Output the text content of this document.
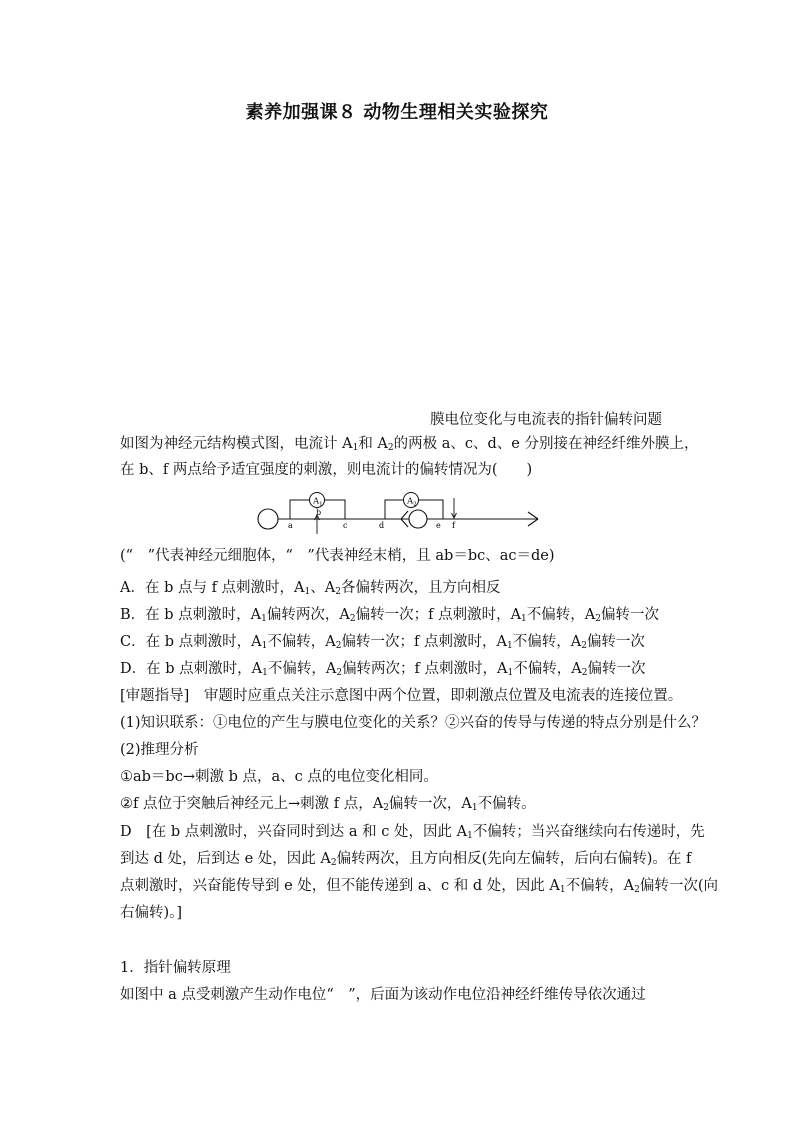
素养加强课８ 动物生理相关实验探究
膜电位变化与电流表的指针偏转问题
如图为神经元结构模式图，电流计 $A_1$和 $A_2$的两极 a、c、d、e 分别接在神经纤维外膜上，
在 b、f 两点给予适宜强度的刺激，则电流计的偏转情况为(　　)
$A_1$	$A_2$
a
b
c	d	e f
(“　”代表神经元细胞体，“　”代表神经末梢，且 ab＝bc、ac＝de)
A．在 b 点与 f 点刺激时，$A_1$、$A_2$各偏转两次，且方向相反
B．在 b 点刺激时，$A_1$偏转两次，$A_2$偏转一次；f 点刺激时，$A_1$不偏转，$A_2$偏转一次
C．在 b 点刺激时，$A_1$不偏转，$A_2$偏转一次；f 点刺激时，$A_1$不偏转，$A_2$偏转一次
D．在 b 点刺激时，$A_1$不偏转，$A_2$偏转两次；f 点刺激时，$A_1$不偏转，$A_2$偏转一次
[审题指导]　审题时应重点关注示意图中两个位置，即刺激点位置及电流表的连接位置。
(1)知识联系：①电位的产生与膜电位变化的关系？②兴奋的传导与传递的特点分别是什么？
(2)推理分析
①ab＝bc→刺激 b 点，a、c 点的电位变化相同。
②f 点位于突触后神经元上→刺激 f 点，$A_2$偏转一次，$A_1$不偏转。
D　[在 b 点刺激时，兴奋同时到达 a 和 c 处，因此 $A_1$不偏转；当兴奋继续向右传递时，先
到达 d 处，后到达 e 处，因此 $A_2$偏转两次，且方向相反(先向左偏转，后向右偏转)。在 f
点刺激时，兴奋能传导到 e 处，但不能传递到 a、c 和 d 处，因此 $A_1$不偏转，$A_2$偏转一次(向
右偏转)。]
1．指针偏转原理
如图中 a 点受刺激产生动作电位“　”，后面为该动作电位沿神经纤维传导依次通过
